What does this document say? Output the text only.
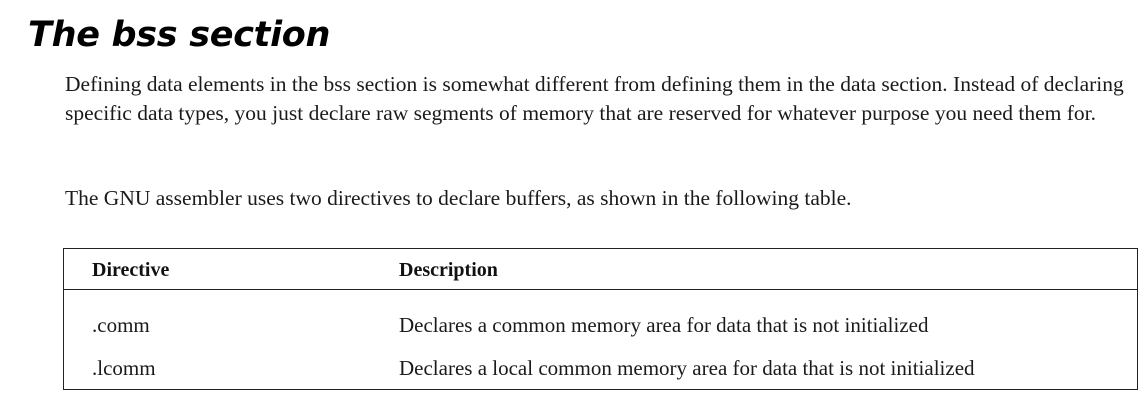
The bss section

Defining data elements in the bss section is somewhat different from defining them in the data section. Instead of declaring specific data types, you just declare raw segments of memory that are reserved for whatever purpose you need them for.

The GNU assembler uses two directives to declare buffers, as shown in the following table.

Directive	Description
.comm	Declares a common memory area for data that is not initialized
.lcomm	Declares a local common memory area for data that is not initialized
